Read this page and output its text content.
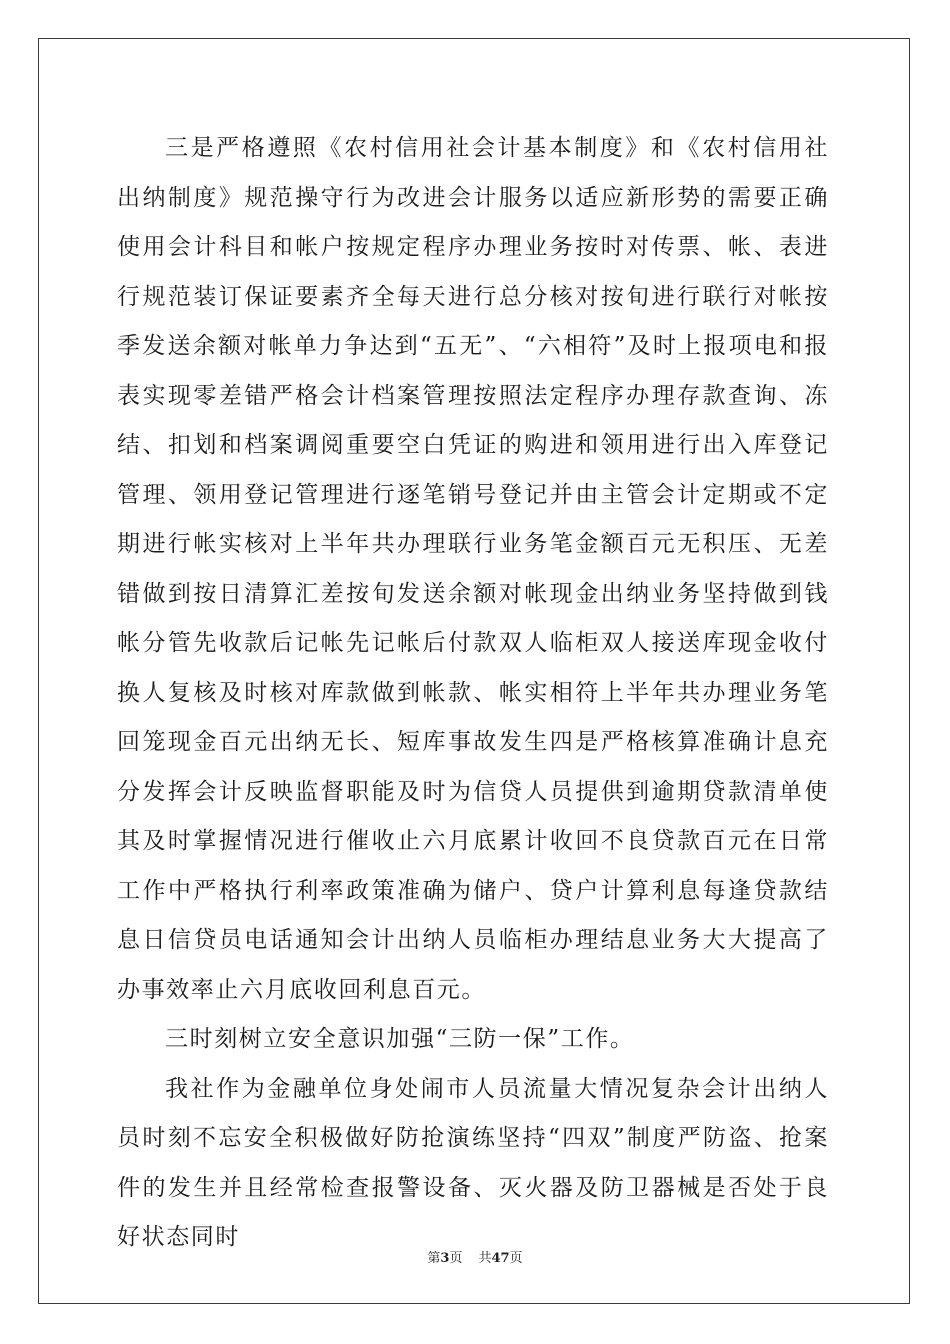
三是严格遵照《农村信用社会计基本制度》和《农村信用社出纳制度》规范操守行为改进会计服务以适应新形势的需要正确使用会计科目和帐户按规定程序办理业务按时对传票、帐、表进行规范装订保证要素齐全每天进行总分核对按旬进行联行对帐按季发送余额对帐单力争达到“五无”、“六相符”及时上报项电和报表实现零差错严格会计档案管理按照法定程序办理存款查询、冻结、扣划和档案调阅重要空白凭证的购进和领用进行出入库登记管理、领用登记管理进行逐笔销号登记并由主管会计定期或不定期进行帐实核对上半年共办理联行业务笔金额百元无积压、无差错做到按日清算汇差按旬发送余额对帐现金出纳业务坚持做到钱帐分管先收款后记帐先记帐后付款双人临柜双人接送库现金收付换人复核及时核对库款做到帐款、帐实相符上半年共办理业务笔回笼现金百元出纳无长、短库事故发生四是严格核算准确计息充分发挥会计反映监督职能及时为信贷人员提供到逾期贷款清单使其及时掌握情况进行催收止六月底累计收回不良贷款百元在日常工作中严格执行利率政策准确为储户、贷户计算利息每逢贷款结息日信贷员电话通知会计出纳人员临柜办理结息业务大大提高了办事效率止六月底收回利息百元。

三时刻树立安全意识加强“三防一保”工作。

我社作为金融单位身处闹市人员流量大情况复杂会计出纳人员时刻不忘安全积极做好防抢演练坚持“四双”制度严防盗、抢案件的发生并且经常检查报警设备、灭火器及防卫器械是否处于良好状态同时

第3页 共47页
